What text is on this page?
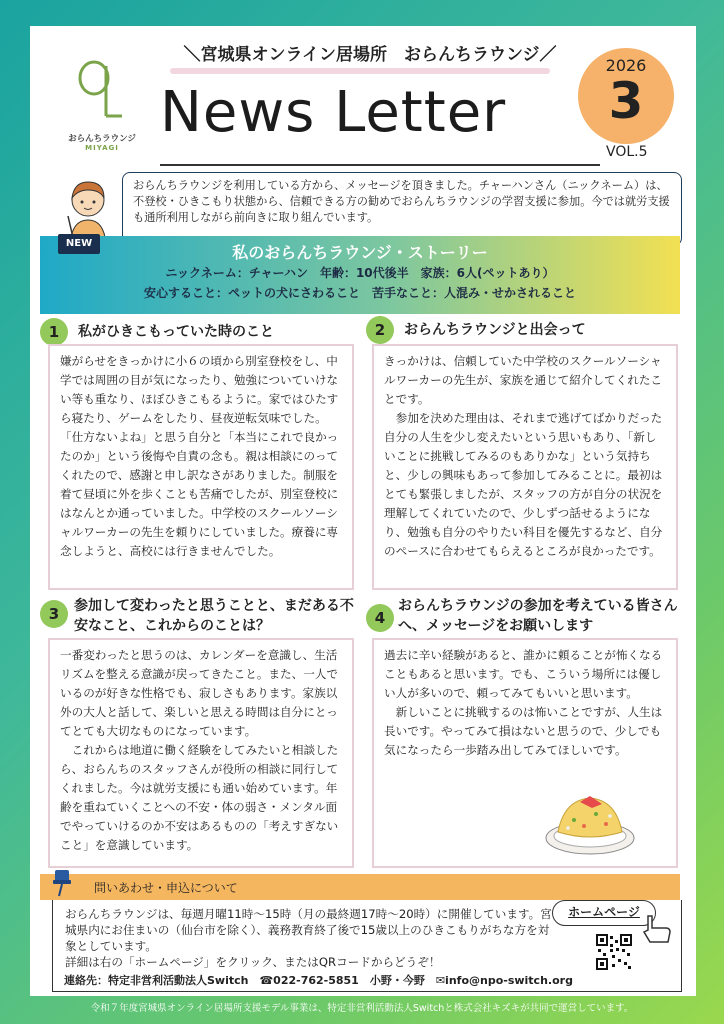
おらんちラウンジ
MIYAGI
＼宮城県オンライン居場所　おらんちラウンジ／
News Letter
2026
3
VOL.5
おらんちラウンジを利用している方から、メッセージを頂きました。チャーハンさん（ニックネーム）は、不登校・ひきこもり状態から、信頼できる方の勧めでおらんちラウンジの学習支援に参加。今では就労支援も通所利用しながら前向きに取り組んでいます。
NEW	私のおらんちラウンジ・ストーリー
ニックネーム：チャーハン　年齢：10代後半　家族：6人(ペットあり）
安心すること：ペットの犬にさわること　苦手なこと：人混み・せかされること
1	私がひきこもっていた時のこと

嫌がらせをきっかけに小６の頃から別室登校をし、中学では周囲の目が気になったり、勉強についていけない等も重なり、ほぼひきこもるように。家ではひたすら寝たり、ゲームをしたり、昼夜逆転気味でした。「仕方ないよね」と思う自分と「本当にこれで良かったのか」という後悔や自責の念も。親は相談にのってくれたので、感謝と申し訳なさがありました。制服を着て昼頃に外を歩くことも苦痛でしたが、別室登校にはなんとか通っていました。中学校のスクールソーシャルワーカーの先生を頼りにしていました。療養に専念しようと、高校には行きませんでした。

2	おらんちラウンジと出会って

きっかけは、信頼していた中学校のスクールソーシャルワーカーの先生が、家族を通じて紹介してくれたことです。

参加を決めた理由は、それまで逃げてばかりだった自分の人生を少し変えたいという思いもあり、「新しいことに挑戦してみるのもありかな」という気持ちと、少しの興味もあって参加してみることに。最初はとても緊張しましたが、スタッフの方が自分の状況を理解してくれていたので、少しずつ話せるようになり、勉強も自分のやりたい科目を優先するなど、自分のペースに合わせてもらえるところが良かったです。

3	参加して変わったと思うことと、まだある不安なこと、これからのことは？

一番変わったと思うのは、カレンダーを意識し、生活リズムを整える意識が戻ってきたこと。また、一人でいるのが好きな性格でも、寂しさもあります。家族以外の大人と話して、楽しいと思える時間は自分にとってとても大切なものになっています。

これからは地道に働く経験をしてみたいと相談したら、おらんちのスタッフさんが役所の相談に同行してくれました。今は就労支援にも通い始めています。年齢を重ねていくことへの不安・体の弱さ・メンタル面でやっていけるのか不安はあるものの「考えすぎないこと」を意識しています。

4
おらんちラウンジの参加を考えている皆さんへ、メッセージをお願いします

過去に辛い経験があると、誰かに頼ることが怖くなることもあると思います。でも、こういう場所には優しい人が多いので、頼ってみてもいいと思います。

新しいことに挑戦するのは怖いことですが、人生は長いです。やってみて損はないと思うので、少しでも気になったら一歩踏み出してみてほしいです。

問いあわせ・申込について
おらんちラウンジは、毎週月曜11時～15時（月の最終週17時～20時）に開催しています。宮城県内にお住まいの（仙台市を除く）、義務教育終了後で15歳以上のひきこもりがちな方を対象としています。
詳細は右の「ホームページ」をクリック、またはQRコードからどうぞ！
連絡先：特定非営利活動法人Switch　☎022-762-5851　小野・今野　✉info@npo-switch.org
ホームページ
令和７年度宮城県オンライン居場所支援モデル事業は、特定非営利活動法人Switchと株式会社キズキが共同で運営しています。
